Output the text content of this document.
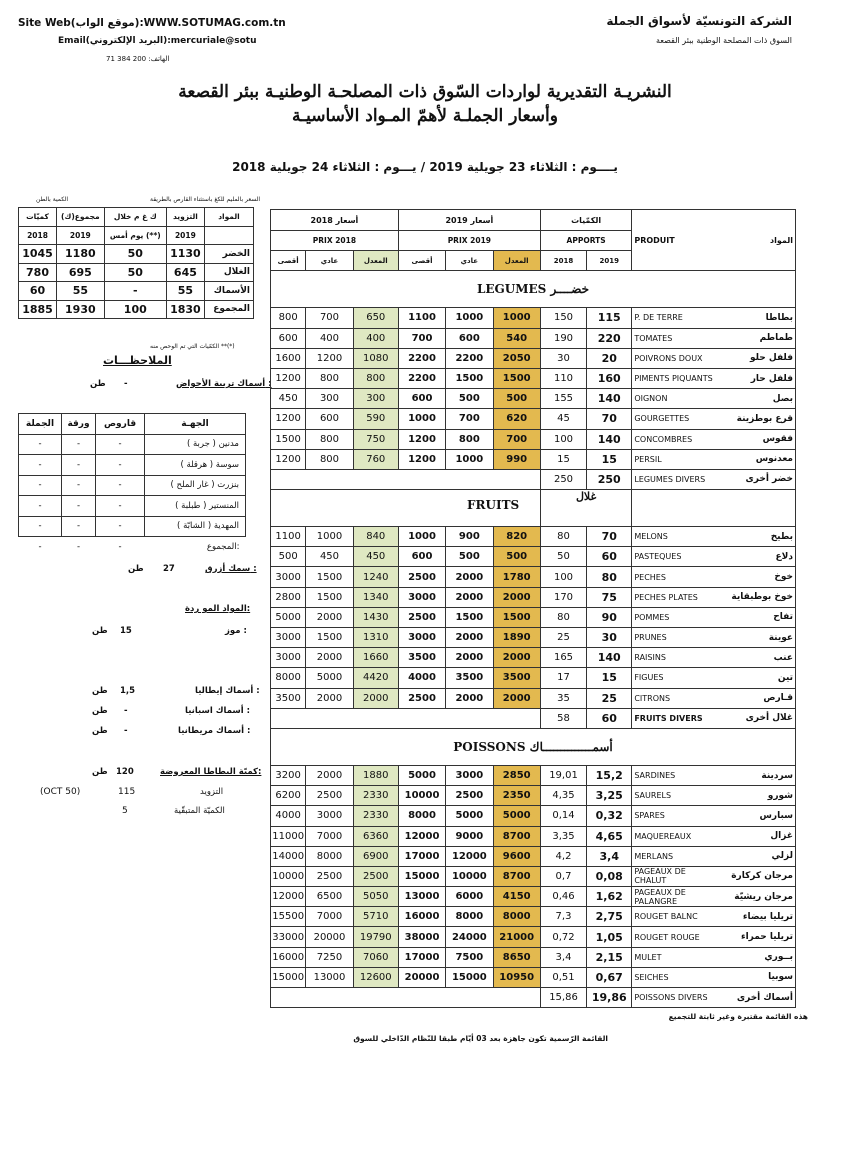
Site Web(موقع الواب):WWW.SOTUMAG.com.tn
Email(البريد الإلكتروني):mercuriale@sotu
الهاتف: 200 384 71
الشركة التونسيّة لأسواق الجملة
السوق ذات المصلحة الوطنية ببئر القصعة
النشريـة التقديرية لواردات السّوق ذات المصلحـة الوطنيـة ببئر القصعة
وأسعار الجملـة لأهمّ المـواد الأساسيـة
يــــوم : الثلاثاء 23 جويلية 2019 / يـــوم : الثلاثاء 24 جويلية 2018
السعر بالمليم للكغ باستثناء القارص بالطريقة
الكمية بالطن
كميّات	مجموع(ك)	ك غ م خلال	التزويد	المواد
2018	2019	يوم أمس (**)	2019	
1045	1180	50	1130	الخضر
780	695	50	645	الغلال
60	55	-	55	الأسماك
1885	1930	100	1830	المجموع
الكمّيات التي تم الوحص منه **(*)
الملاحظـــات
أسماك تربية الأحواض :
-
طن
الجملة	ورقة	قاروص	الجهـة
-	-	-	مدنين ( جربة )
-	-	-	سوسة ( هرقلة )
-	-	-	بنزرت ( غار الملح )
-	-	-	المنستير ( طبلبة )
-	-	-	المهدية ( الشابّة )
-	-	-	المجموع:
سمك أزرق :
27
طن
المواد المو ردة:
موز :
15
طن
أسماك إيطاليا :
1,5
طن
أسماك اسبانيا :
-
طن
أسماك مريطانيا :
-
طن
كميّة البطاطا المعروضة:
120
طن
التزويد
115
(OCT 50)
الكميّة المتبقّية
5

أسعار 2018			أسعار 2019			الكمّيات		PRODUIT	المواد
PRIX 2018			PRIX 2019			APPORTS			
أقصى	عادي	المعدل	أقصى	عادي	المعدل	2018	2019		
LEGUMES خضــــر									
800	700	650	1100	1000	1000	150	115	P. DE TERRE	بطاطا
600	400	400	700	600	540	190	220	TOMATES	طماطم
1600	1200	1080	2200	2200	2050	30	20	POIVRONS DOUX	فلفل حلو
1200	800	800	2200	1500	1500	110	160	PIMENTS PIQUANTS	فلفل حار
450	300	300	600	500	500	155	140	OIGNON	بصل
1200	600	590	1000	700	620	45	70	GOURGETTES	قرع بوطزينة
1500	800	750	1200	800	700	100	140	CONCOMBRES	فقوس
1200	800	760	1200	1000	990	15	15	PERSIL	معدنوس
						250	250	LEGUMES DIVERS	خضر أخرى
						غلال			
1100	1000	840	1000	900	820	80	70	MELONS	بطيخ
500	450	450	600	500	500	50	60	PASTEQUES	دلاع
3000	1500	1240	2500	2000	1780	100	80	PECHES	خوخ
2800	1500	1340	3000	2000	2000	170	75	PECHES PLATES	خوخ بوطبقاية
5000	2000	1430	2500	1500	1500	80	90	POMMES	تفاح
3000	1500	1310	3000	2000	1890	25	30	PRUNES	عوينة
3000	2000	1660	3500	2000	2000	165	140	RAISINS	عنب
8000	5000	4420	4000	3500	3500	17	15	FIGUES	تين
3500	2000	2000	2500	2000	2000	35	25	CITRONS	قـارص
						58	60	FRUITS DIVERS	غلال أخرى
POISSONS أسمــــــــــــــاك									
3200	2000	1880	5000	3000	2850	19,01	15,2	SARDINES	سردينة
6200	2500	2330	10000	2500	2350	4,35	3,25	SAURELS	شورو
4000	3000	2330	8000	5000	5000	0,14	0,32	SPARES	سبارس
11000	7000	6360	12000	9000	8700	3,35	4,65	MAQUEREAUX	غزال
14000	8000	6900	17000	12000	9600	4,2	3,4	MERLANS	لزلي
10000	2500	2500	15000	10000	8700	0,7	0,08	PAGEAUX DE CHALUT	مرجان كركارة
12000	6500	5050	13000	6000	4150	0,46	1,62	PAGEAUX DE PALANGRE	مرجان ريشيّة
15500	7000	5710	16000	8000	8000	7,3	2,75	ROUGET BALNC	تريليا بيضاء
33000	20000	19790	38000	24000	21000	0,72	1,05	ROUGET ROUGE	تريليا حمراء
16000	7250	7060	17000	7500	8650	3,4	2,15	MULET	بــوري
15000	13000	12600	20000	15000	10950	0,51	0,67	SEICHES	سوبيا
						15,86	19,86	POISSONS DIVERS	أسماك أخرى
هذه القائمة مقتبرة وغير ثابتة للتجميع
القائمة الرّسمية تكون جاهزة بعد 03 أيّام طبقا للنّظام الدّاخلي للسوق
FRUITS
